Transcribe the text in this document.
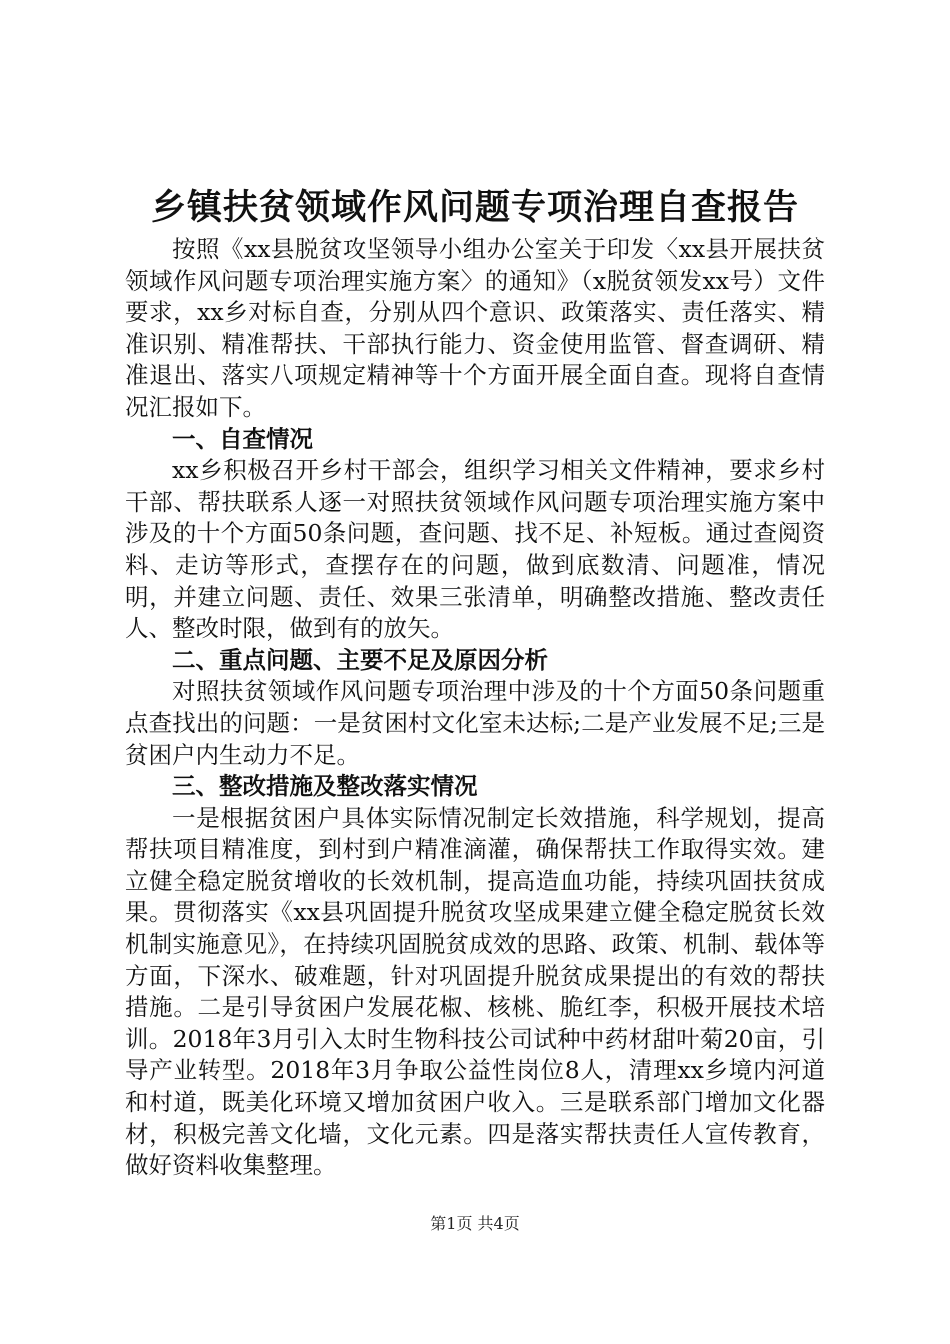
乡镇扶贫领域作风问题专项治理自查报告

按照《xx县脱贫攻坚领导小组办公室关于印发〈xx县开展扶贫领域作风问题专项治理实施方案〉的通知》（x脱贫领发xx号）文件要求，xx乡对标自查，分别从四个意识、政策落实、责任落实、精准识别、精准帮扶、干部执行能力、资金使用监管、督查调研、精准退出、落实八项规定精神等十个方面开展全面自查。现将自查情况汇报如下。

一、自查情况

xx乡积极召开乡村干部会，组织学习相关文件精神，要求乡村干部、帮扶联系人逐一对照扶贫领域作风问题专项治理实施方案中涉及的十个方面50条问题，查问题、找不足、补短板。通过查阅资料、走访等形式，查摆存在的问题，做到底数清、问题准，情况明，并建立问题、责任、效果三张清单，明确整改措施、整改责任人、整改时限，做到有的放矢。

二、重点问题、主要不足及原因分析

对照扶贫领域作风问题专项治理中涉及的十个方面50条问题重点查找出的问题：一是贫困村文化室未达标;二是产业发展不足;三是贫困户内生动力不足。

三、整改措施及整改落实情况

一是根据贫困户具体实际情况制定长效措施，科学规划，提高帮扶项目精准度，到村到户精准滴灌，确保帮扶工作取得实效。建立健全稳定脱贫增收的长效机制，提高造血功能，持续巩固扶贫成果。贯彻落实《xx县巩固提升脱贫攻坚成果建立健全稳定脱贫长效机制实施意见》，在持续巩固脱贫成效的思路、政策、机制、载体等方面，下深水、破难题，针对巩固提升脱贫成果提出的有效的帮扶措施。二是引导贫困户发展花椒、核桃、脆红李，积极开展技术培训。2018年3月引入太时生物科技公司试种中药材甜叶菊20亩，引导产业转型。2018年3月争取公益性岗位8人，清理xx乡境内河道和村道，既美化环境又增加贫困户收入。三是联系部门增加文化器材，积极完善文化墙，文化元素。四是落实帮扶责任人宣传教育，做好资料收集整理。

第1页 共4页
